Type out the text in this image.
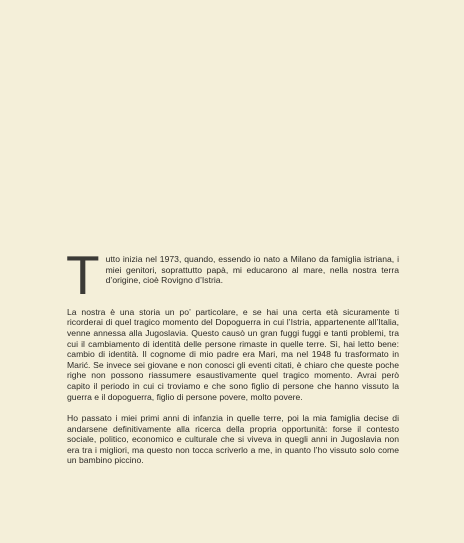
Tutto inizia nel 1973, quando, essendo io nato a Milano da famiglia istriana, i miei genitori, soprattutto papà, mi educarono al mare, nella nostra terra d’origine, cioè Rovigno d’Istria.

La nostra è una storia un po’ particolare, e se hai una certa età sicuramente ti ricorderai di quel tragico momento del Dopoguerra in cui l’Istria, appartenente all’Italia, venne annessa alla Jugoslavia. Questo causò un gran fuggi fuggi e tanti problemi, tra cui il cambiamento di identità delle persone rimaste in quelle terre. Sì, hai letto bene: cambio di identità. Il cognome di mio padre era Mari, ma nel 1948 fu trasformato in Marić. Se invece sei giovane e non conosci gli eventi citati, è chiaro che queste poche righe non possono riassumere esaustivamente quel tragico momento. Avrai però capito il periodo in cui ci troviamo e che sono figlio di persone che hanno vissuto la guerra e il dopoguerra, figlio di persone povere, molto povere.

Ho passato i miei primi anni di infanzia in quelle terre, poi la mia famiglia decise di andarsene definitivamente alla ricerca della propria opportunità: forse il contesto sociale, politico, economico e culturale che si viveva in quegli anni in Jugoslavia non era tra i migliori, ma questo non tocca scriverlo a me, in quanto l’ho vissuto solo come un bambino piccino.
